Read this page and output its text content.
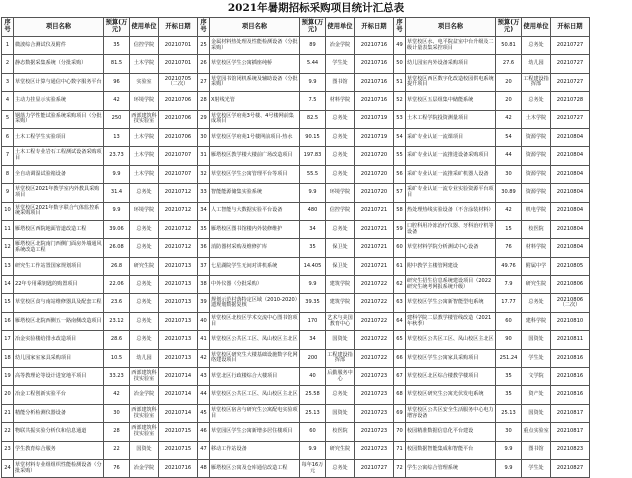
2021年暑期招标采购项目统计汇总表
序号	项目名称	预算(万元)	使用单位	开标日期	序号	项目名称	预算(万元)	使用单位	开标日期	序号	项目名称	预算(万元)	使用单位	开标日期
1	微波综合测试仪及附件	35	信控学院	20210701	25	金属材料热处理及性能检测设备（分批采购）	89	冶金学院	20210716	49	草堂校区水、电平院盆室中台升级及二级计量表集采控项目	50.81	总务处	20210727
2	静态数据采集系统（分批采购）	81.5	土木学院	20210701	26	草堂校区学生公寓插座纯桥	5.44	学生处	20210716	50	幼儿园室内外设备采购项目	27.6	幼儿园	20210727
3	草堂校区计算与通信中心数字服务平台	96	实验室	20210705（二次）	27	草堂园书馆闭机系统及辅助设备（分批采购）	9.9	图书馆	20210716	51	草堂校区西区数字化改造校园供电系统提升项目	20	工程建设指挥部	20210727
4	主动力挂显示实验系统	42	环境学院	20210706	28	X射线光管	7.5	材料学院	20210716	52	草堂校区五层组集中储能系统	20	总务处	20210728
5	钢筋力学性能试验系统采购项目（分批采购）	250	西部建筑科技实验室	20210706	29	草堂校区学府苑3号楼、4号楼网前集成项目	82.5	总务处	20210719	53	土木工程学院投资测量项目	42	土木学院	20210727
6	土木工程学生实验项目	13	土木学院	20210706	30	草堂校区学府苑1号楼网前项目-热水	90.15	总务处	20210719	54	采矿专业认证一流课项目	54	资源学院	20210804
7	土木工程专业岩石工程测试设备采购项目	23.73	土木学院	20210707	31	雁塔校区教学楼大楼前广场改造项目	197.83	总务处	20210720	55	采矿专业认证一流推进设备采购项目	44	资源学院	20210804
8	全自动调湿试验箱设备	9.9	土木学院	20210707	32	草堂校区学生公寓管理平台等项目	55.5	总务处	20210720	56	采矿专业认证一流推采矿机器人设备	30	资源学院	20210804
9	草堂校区2021年教学室内外教具采购项目	31.4	总务处	20210712	33	智能能源储集实验系统	9.9	环境学院	20210720	57	采矿专业认证一流专业实验资源平台项目	30.89	资源学院	20210804
10	草堂校区2021年数字联合气体监控系统采购项目	9.9	环境学院	20210712	34	人工智能与大数据实验平台设备	480	信控学院	20210721	58	热处理热线实验设备（不含涂装材料）	42	机电学院	20210804
11	雁塔校区西院地面管道改造工程	39.06	总务处	20210712	35	雁塔校区图书馆楼内外装修维护	34	总务处	20210721	59	口腔科用冷冻治疗仪器、牙科治疗机等设备	15	校医院	20210804
12	雁塔校区北院南门西侧门面房外墙通风系统改造工程	26.08	总务处	20210712	36	消防器材采购及维修扩库	35	保卫处	20210721	60	草堂材料学院分析测试中心设备	76	材料学院	20210804
13	研究生工作站置国家规划项目	26.8	研究生院	20210713	37	七星湖院学生无间对讲机系统	14.405	保卫处	20210721	61	附中教学主楼管网建设	49.76	附属中学	20210805
14	22年专用乘钥匙的购置项目	22.06	总务处	20210713	38	中外仪器（分批采购）	9.9	建筑学院	20210722	62	研究生招生信息系统建设项目（2022研究生统考网报系统升级）	7.9	研究生院	20210806
15	草堂校区食与南站维修器具及配套工程	23.6	总务处	20210713	39	规划示范村落特定区域（2010-2020）遗规划数据复核	39.35	建筑学院	20210722	63	草堂校区学生公寓新智能型电系统	17.77	总务处	20210806（二次）
16	雁塔校区北院西侧五一路南侧改造项目	23.12	总务处	20210713	40	草堂校区北校区学术交流中心图书馆项目	170	艺术与美国教育中心	20210722	64	建科学院二层教学楼管线改造（2021年秋季）	60	建科学院	20210810
17	冶金实验楼给排水改造项目	28.6	总务处	20210713	41	草堂校区公共区工区、凤山校区主北区	34	国资处	20210722	65	草堂校区公共区工区、凤山校区主北区	90	国资处	20210811
18	幼儿园家室家具采购项目	10.5	幼儿园	20210713	42	草堂校区研究生大楼基础设施数字化网络建设项目	200	工程建设指挥部	20210722	66	草堂校区学生公寓家具采购项目	251.24	学生处	20210816
19	高等教理论等设计进宽地平项目	33.23	西部建筑科技实验室	20210714	43	草堂北区行政楼综合大楼项目	40	后勤服务中心	20210723	67	草堂校区北区综合楼教学楼项目	35	文学院	20210816
20	冶金工程创新实验平台	42	冶金学院	20210714	44	草堂校区公共区工区、凤山校区主北区	25.58	总务处	20210723	68	草堂校区研究生公寓光伏发电系统	35	资产处	20210816
21	精能分析检测仪器设备	30	西部建筑科技实验室	20210714	45	草堂校区宿舍与研究生公寓配电实验项目	25.13	国资处	20210723	69	草堂校区公共区安全生活服务中心电力增容设备	25.13	国资处	20210817
22	物联共振实验分析仪和信息通道	28	西部建筑科技实验室	20210715	46	草堂园区学生公寓新增多居住楼项目	60	校医院	20210723	70	校园精准数据信息化平台建设	30	重点实验室	20210817
23	学生教育综合服务	22	国资处	20210715	47	移动工作站设备	9.9	研究生院	20210723	71	校园数据智能集成和智能平台	9.9	图书馆	20210823
24	草堂材料专业组组织性能检测设备（分批采购）	76	冶金学院	20210716	48	雁塔校区公寓及仓库通信改造工程	每年16万元	总务处	20210727	72	学生公寓综合管理系统	9.9	学生处	20210827
